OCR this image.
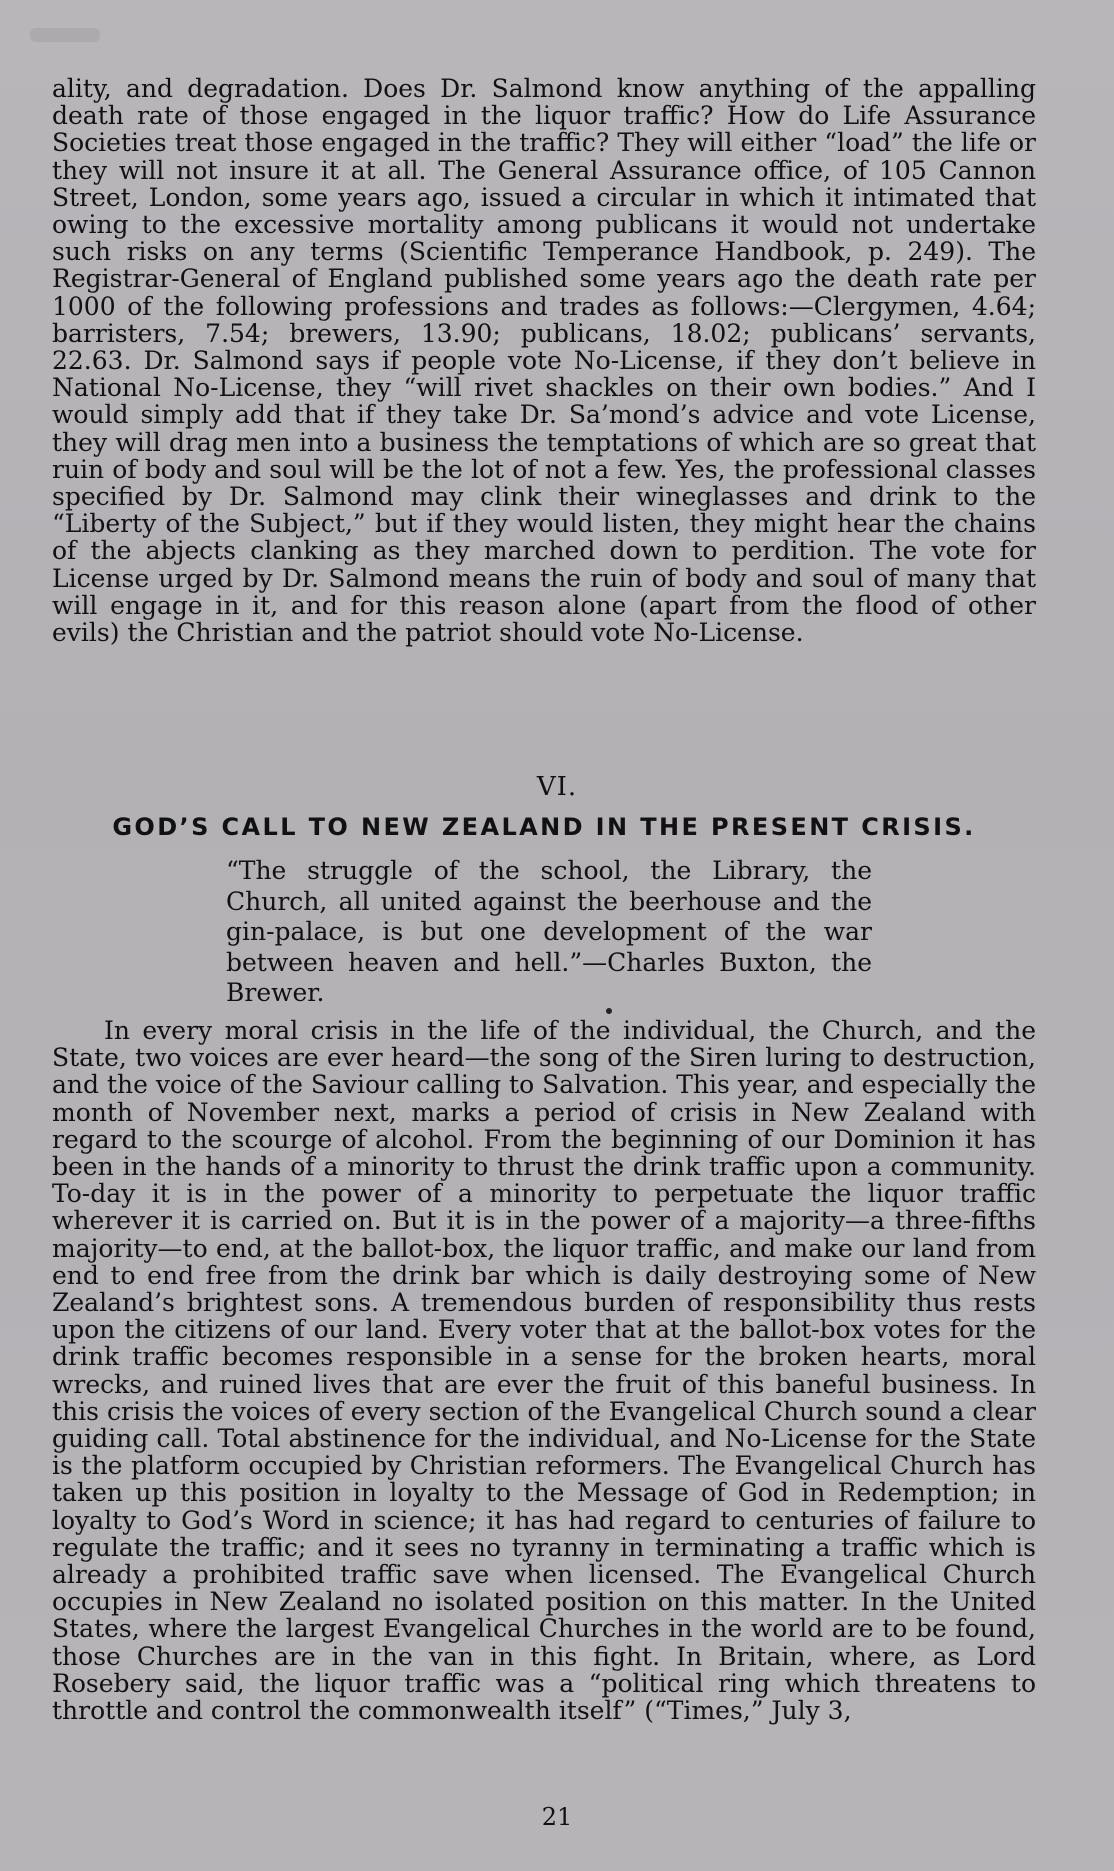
ality, and degradation. Does Dr. Salmond know anything of the appalling death rate of those engaged in the liquor traffic? How do Life Assurance Societies treat those engaged in the traffic? They will either “load” the life or they will not insure it at all. The General Assurance office, of 105 Cannon Street, London, some years ago, issued a circular in which it intimated that owing to the excessive mortality among publicans it would not undertake such risks on any terms (Scientific Temperance Handbook, p. 249). The Registrar-General of England published some years ago the death rate per 1000 of the following professions and trades as follows:—Clergymen, 4.64; barristers, 7.54; brewers, 13.90; publicans, 18.02; publicans’ servants, 22.63. Dr. Salmond says if people vote No-License, if they don’t believe in National No-License, they “will rivet shackles on their own bodies.” And I would simply add that if they take Dr. Sa’mond’s advice and vote License, they will drag men into a business the temptations of which are so great that ruin of body and soul will be the lot of not a few. Yes, the professional classes specified by Dr. Salmond may clink their wineglasses and drink to the “Liberty of the Subject,” but if they would listen, they might hear the chains of the abjects clanking as they marched down to perdition. The vote for License urged by Dr. Salmond means the ruin of body and soul of many that will engage in it, and for this reason alone (apart from the flood of other evils) the Christian and the patriot should vote No-License.

VI.
GOD’S CALL TO NEW ZEALAND IN THE PRESENT CRISIS.

“The struggle of the school, the Library, the Church, all united against the beerhouse and the gin-palace, is but one development of the war between heaven and hell.”—Charles Buxton, the Brewer.

In every moral crisis in the life of the individual, the Church, and the State, two voices are ever heard—the song of the Siren luring to destruction, and the voice of the Saviour calling to Salvation. This year, and especially the month of November next, marks a period of crisis in New Zealand with regard to the scourge of alcohol. From the beginning of our Dominion it has been in the hands of a minority to thrust the drink traffic upon a community. To-day it is in the power of a minority to perpetuate the liquor traffic wherever it is carried on. But it is in the power of a majority—a three-fifths majority—to end, at the ballot-box, the liquor traffic, and make our land from end to end free from the drink bar which is daily destroying some of New Zealand’s brightest sons. A tremendous burden of responsibility thus rests upon the citizens of our land. Every voter that at the ballot-box votes for the drink traffic becomes responsible in a sense for the broken hearts, moral wrecks, and ruined lives that are ever the fruit of this baneful business. In this crisis the voices of every section of the Evangelical Church sound a clear guiding call. Total abstinence for the individual, and No-License for the State is the platform occupied by Christian reformers. The Evangelical Church has taken up this position in loyalty to the Message of God in Redemption; in loyalty to God’s Word in science; it has had regard to centuries of failure to regulate the traffic; and it sees no tyranny in terminating a traffic which is already a prohibited traffic save when licensed. The Evangelical Church occupies in New Zealand no isolated position on this matter. In the United States, where the largest Evangelical Churches in the world are to be found, those Churches are in the van in this fight. In Britain, where, as Lord Rosebery said, the liquor traffic was a “political ring which threatens to throttle and control the commonwealth itself” (“Times,” July 3,

21
